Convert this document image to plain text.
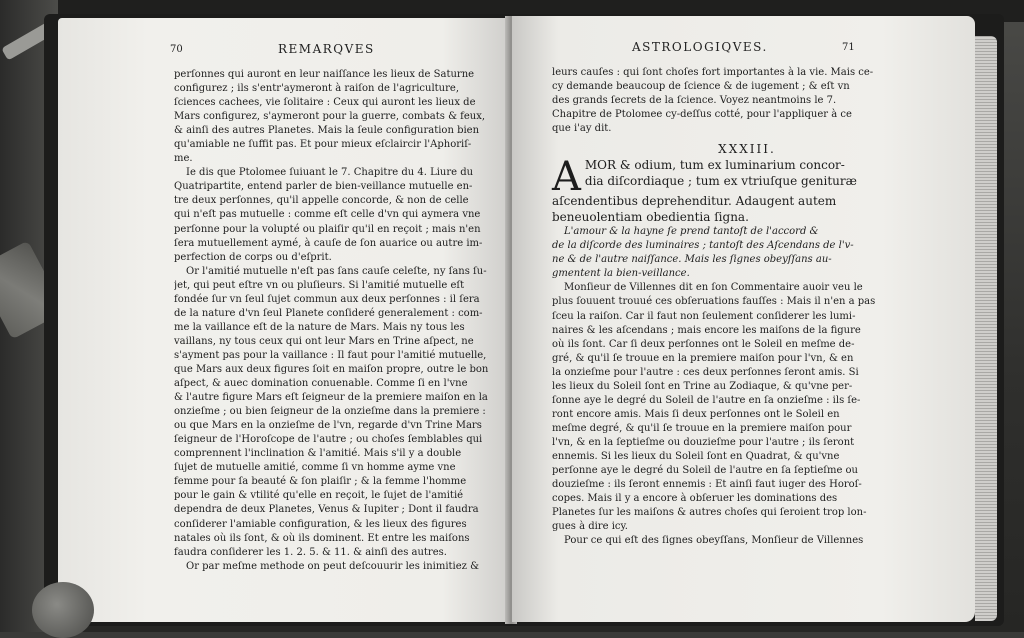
70	REMARQVES
perſonnes qui auront en leur naiſſance les lieux de Saturne
configurez ; ils s'entr'aymeront à raiſon de l'agriculture,
ſciences cachees, vie ſolitaire : Ceux qui auront les lieux de
Mars configurez, s'aymeront pour la guerre, combats & feux,
& ainſi des autres Planetes. Mais la ſeule configuration bien
qu'amiable ne ſuffit pas. Et pour mieux eſclaircir l'Aphoriſ-
me.
Ie dis que Ptolomee ſuiuant le 7. Chapitre du 4. Liure du
Quatripartite, entend parler de bien-veillance mutuelle en-
tre deux perſonnes, qu'il appelle concorde, & non de celle
qui n'eſt pas mutuelle : comme eſt celle d'vn qui aymera vne
perſonne pour la volupté ou plaiſir qu'il en reçoit ; mais n'en
ſera mutuellement aymé, à cauſe de ſon auarice ou autre im-
perfection de corps ou d'eſprit.
Or l'amitié mutuelle n'eſt pas ſans cauſe celeſte, ny ſans ſu-
jet, qui peut eſtre vn ou pluſieurs. Si l'amitié mutuelle eſt
fondée ſur vn ſeul ſujet commun aux deux perſonnes : il ſera
de la nature d'vn ſeul Planete conſideré generalement : com-
me la vaillance eſt de la nature de Mars. Mais ny tous les
vaillans, ny tous ceux qui ont leur Mars en Trine aſpect, ne
s'ayment pas pour la vaillance : Il faut pour l'amitié mutuelle,
que Mars aux deux figures ſoit en maiſon propre, outre le bon
aſpect, & auec domination conuenable. Comme ſi en l'vne
& l'autre figure Mars eſt ſeigneur de la premiere maiſon en la
onzieſme ; ou bien ſeigneur de la onzieſme dans la premiere :
ou que Mars en la onzieſme de l'vn, regarde d'vn Trine Mars
ſeigneur de l'Horoſcope de l'autre ; ou choſes ſemblables qui
comprennent l'inclination & l'amitié. Mais s'il y a double
ſujet de mutuelle amitié, comme ſi vn homme ayme vne
femme pour ſa beauté & ſon plaiſir ; & la femme l'homme
pour le gain & vtilité qu'elle en reçoit, le ſujet de l'amitié
dependra de deux Planetes, Venus & Iupiter ; Dont il faudra
conſiderer l'amiable configuration, & les lieux des figures
natales où ils ſont, & où ils dominent. Et entre les maiſons
faudra conſiderer les 1. 2. 5. & 11. & ainſi des autres.
Or par meſme methode on peut deſcouurir les inimitiez &
ASTROLOGIQVES.	71
leurs cauſes : qui ſont choſes fort importantes à la vie. Mais ce-
cy demande beaucoup de ſcience & de iugement ; & eſt vn
des grands ſecrets de la ſcience. Voyez neantmoins le 7.
Chapitre de Ptolomee cy-deſſus cotté, pour l'appliquer à ce
que i'ay dit.
XXXIII.
A MOR & odium, tum ex luminarium concor-
dia diſcordiaque ; tum ex vtriuſque genituræ
aſcendentibus deprehenditur. Adaugent autem
beneuolentiam obedientia ſigna.
L'amour & la hayne ſe prend tantoſt de l'accord &
de la diſcorde des luminaires ; tantoſt des Aſcendans de l'v-
ne & de l'autre naiſſance. Mais les ſignes obeyſſans au-
gmentent la bien-veillance.
Monſieur de Villennes dit en ſon Commentaire auoir veu le
plus ſouuent trouué ces obſeruations fauſſes : Mais il n'en a pas
ſceu la raiſon. Car il faut non ſeulement conſiderer les lumi-
naires & les aſcendans ; mais encore les maiſons de la figure
où ils ſont. Car ſi deux perſonnes ont le Soleil en meſme de-
gré, & qu'il ſe trouue en la premiere maiſon pour l'vn, & en
la onzieſme pour l'autre : ces deux perſonnes ſeront amis. Si
les lieux du Soleil ſont en Trine au Zodiaque, & qu'vne per-
ſonne aye le degré du Soleil de l'autre en ſa onzieſme : ils ſe-
ront encore amis. Mais ſi deux perſonnes ont le Soleil en
meſme degré, & qu'il ſe trouue en la premiere maiſon pour
l'vn, & en la ſeptieſme ou douzieſme pour l'autre ; ils ſeront
ennemis. Si les lieux du Soleil ſont en Quadrat, & qu'vne
perſonne aye le degré du Soleil de l'autre en ſa ſeptieſme ou
douzieſme : ils ſeront ennemis : Et ainſi faut iuger des Horoſ-
copes. Mais il y a encore à obſeruer les dominations des
Planetes ſur les maiſons & autres choſes qui ſeroient trop lon-
gues à dire icy.
Pour ce qui eſt des ſignes obeyſſans, Monſieur de Villennes
